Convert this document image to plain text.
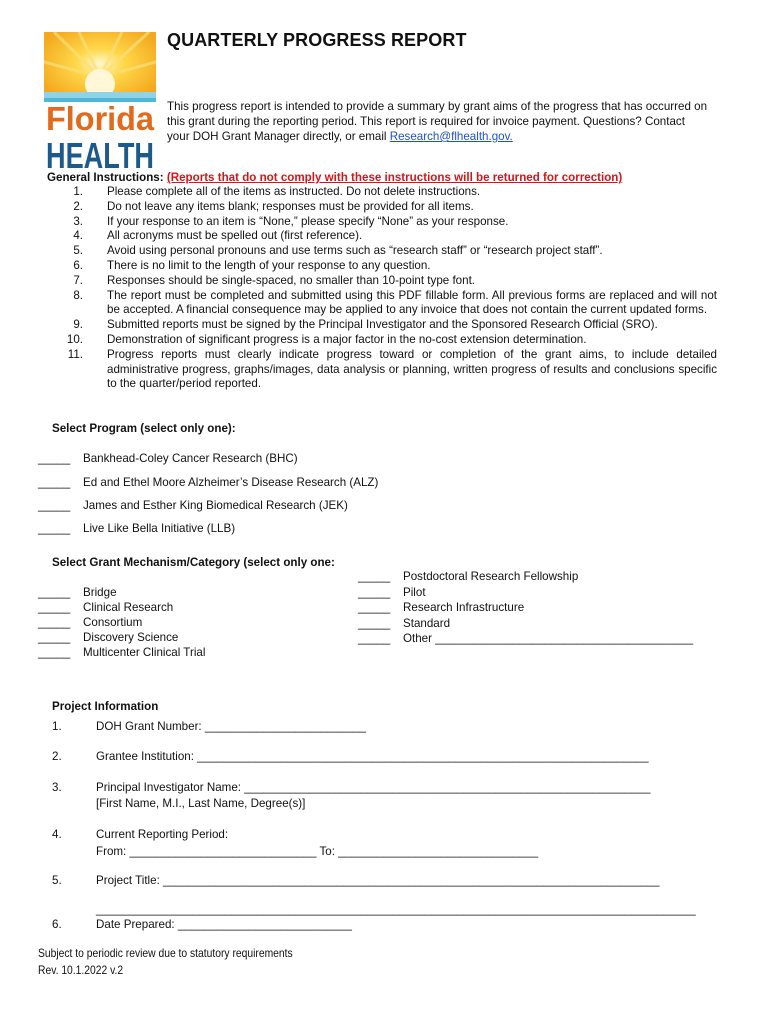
Florida
HEALTH
QUARTERLY PROGRESS REPORT
This progress report is intended to provide a summary by grant aims of the progress that has occurred on this grant during the reporting period. This report is required for invoice payment. Questions? Contact your DOH Grant Manager directly, or email Research@flhealth.gov.
General Instructions: (Reports that do not comply with these instructions will be returned for correction)
1.	Please complete all of the items as instructed. Do not delete instructions.
2.	Do not leave any items blank; responses must be provided for all items.
3.	If your response to an item is “None,” please specify “None” as your response.
4.	All acronyms must be spelled out (first reference).
5.	Avoid using personal pronouns and use terms such as “research staff” or “research project staff”.
6.	There is no limit to the length of your response to any question.
7.	Responses should be single-spaced, no smaller than 10-point type font.
8.	The report must be completed and submitted using this PDF fillable form. All previous forms are replaced and will not be accepted. A financial consequence may be applied to any invoice that does not contain the current updated forms.
9.	Submitted reports must be signed by the Principal Investigator and the Sponsored Research Official (SRO).
10.	Demonstration of significant progress is a major factor in the no-cost extension determination.
11.	Progress reports must clearly indicate progress toward or completion of the grant aims, to include detailed administrative progress, graphs/images, data analysis or planning, written progress of results and conclusions specific to the quarter/period reported.
Select Program (select only one):
_____ Bankhead-Coley Cancer Research (BHC)
_____ Ed and Ethel Moore Alzheimer’s Disease Research (ALZ)
_____ James and Esther King Biomedical Research (JEK)
_____ Live Like Bella Initiative (LLB)
Select Grant Mechanism/Category (select only one:
_____ Bridge
_____ Clinical Research
_____ Consortium
_____ Discovery Science
_____ Multicenter Clinical Trial
_____ Postdoctoral Research Fellowship
_____ Pilot
_____ Research Infrastructure
_____ Standard
_____ Other ________________________________________
Project Information
1.	DOH Grant Number: _________________________
2.	Grantee Institution: ______________________________________________________________________
3.	Principal Investigator Name: _______________________________________________________________
[First Name, M.I., Last Name, Degree(s)]
4.	Current Reporting Period:
From: _____________________________ To: _______________________________
5.	Project Title: _____________________________________________________________________________
_____________________________________________________________________________________________
6.	Date Prepared: ___________________________
Subject to periodic review due to statutory requirements
Rev. 10.1.2022 v.2
